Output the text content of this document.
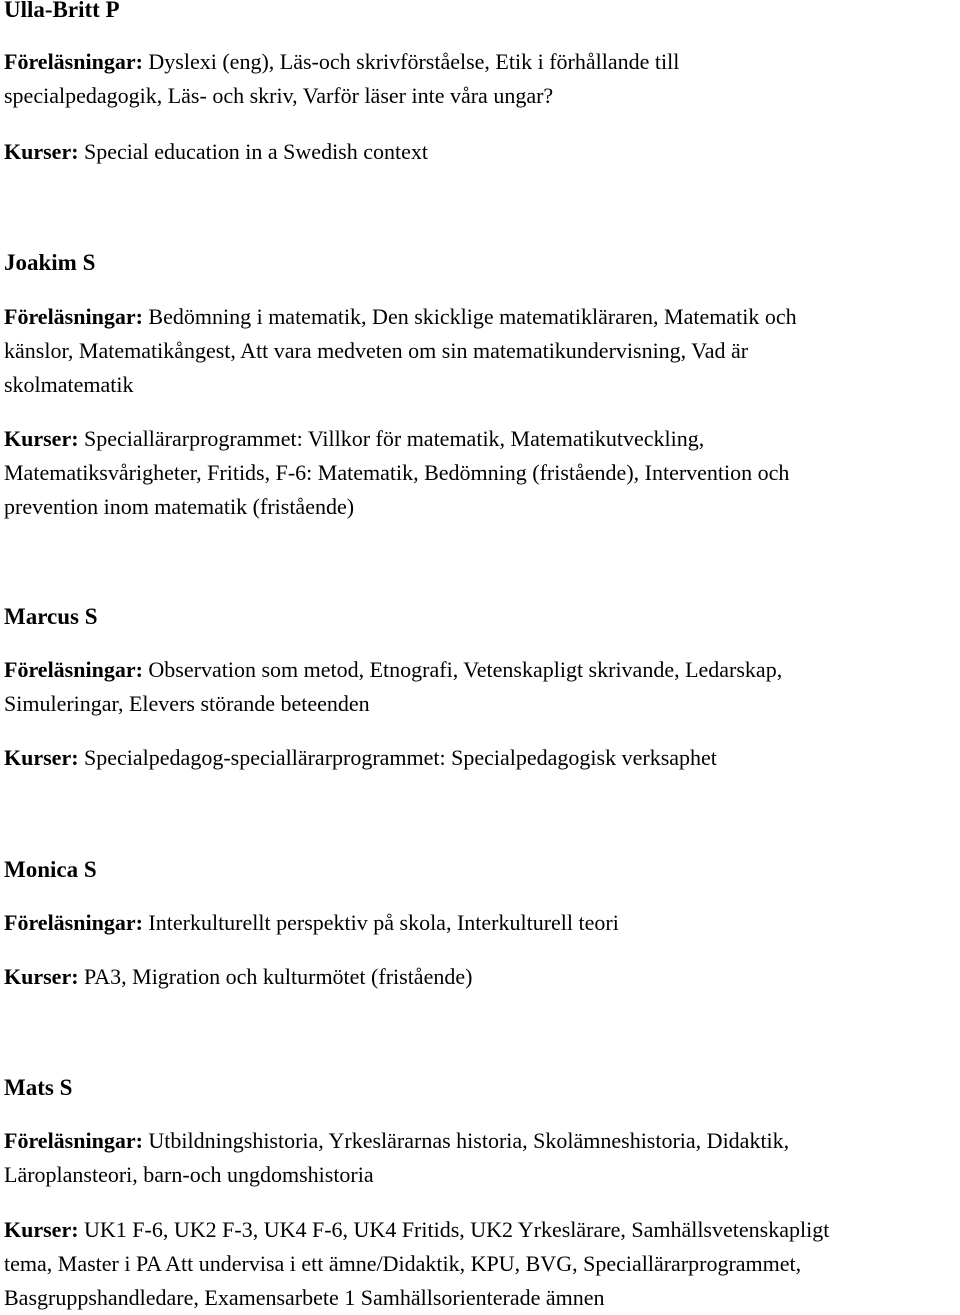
Ulla-Britt P
Föreläsningar: Dyslexi (eng), Läs-och skrivförståelse, Etik i förhållande till
specialpedagogik, Läs- och skriv, Varför läser inte våra ungar?
Kurser: Special education in a Swedish context
Joakim S
Föreläsningar: Bedömning i matematik, Den skicklige matematikläraren, Matematik och
känslor, Matematikångest, Att vara medveten om sin matematikundervisning, Vad är
skolmatematik
Kurser: Speciallärarprogrammet: Villkor för matematik, Matematikutveckling,
Matematiksvårigheter, Fritids, F-6: Matematik, Bedömning (fristående), Intervention och
prevention inom matematik (fristående)
Marcus S
Föreläsningar: Observation som metod, Etnografi, Vetenskapligt skrivande, Ledarskap,
Simuleringar, Elevers störande beteenden
Kurser: Specialpedagog-speciallärarprogrammet: Specialpedagogisk verksaphet
Monica S
Föreläsningar: Interkulturellt perspektiv på skola, Interkulturell teori
Kurser: PA3, Migration och kulturmötet (fristående)
Mats S
Föreläsningar: Utbildningshistoria, Yrkeslärarnas historia, Skolämneshistoria, Didaktik,
Läroplansteori, barn-och ungdomshistoria
Kurser: UK1 F-6, UK2 F-3, UK4 F-6, UK4 Fritids, UK2 Yrkeslärare, Samhällsvetenskapligt
tema, Master i PA Att undervisa i ett ämne/Didaktik, KPU, BVG, Speciallärarprogrammet,
Basgruppshandledare, Examensarbete 1 Samhällsorienterade ämnen
